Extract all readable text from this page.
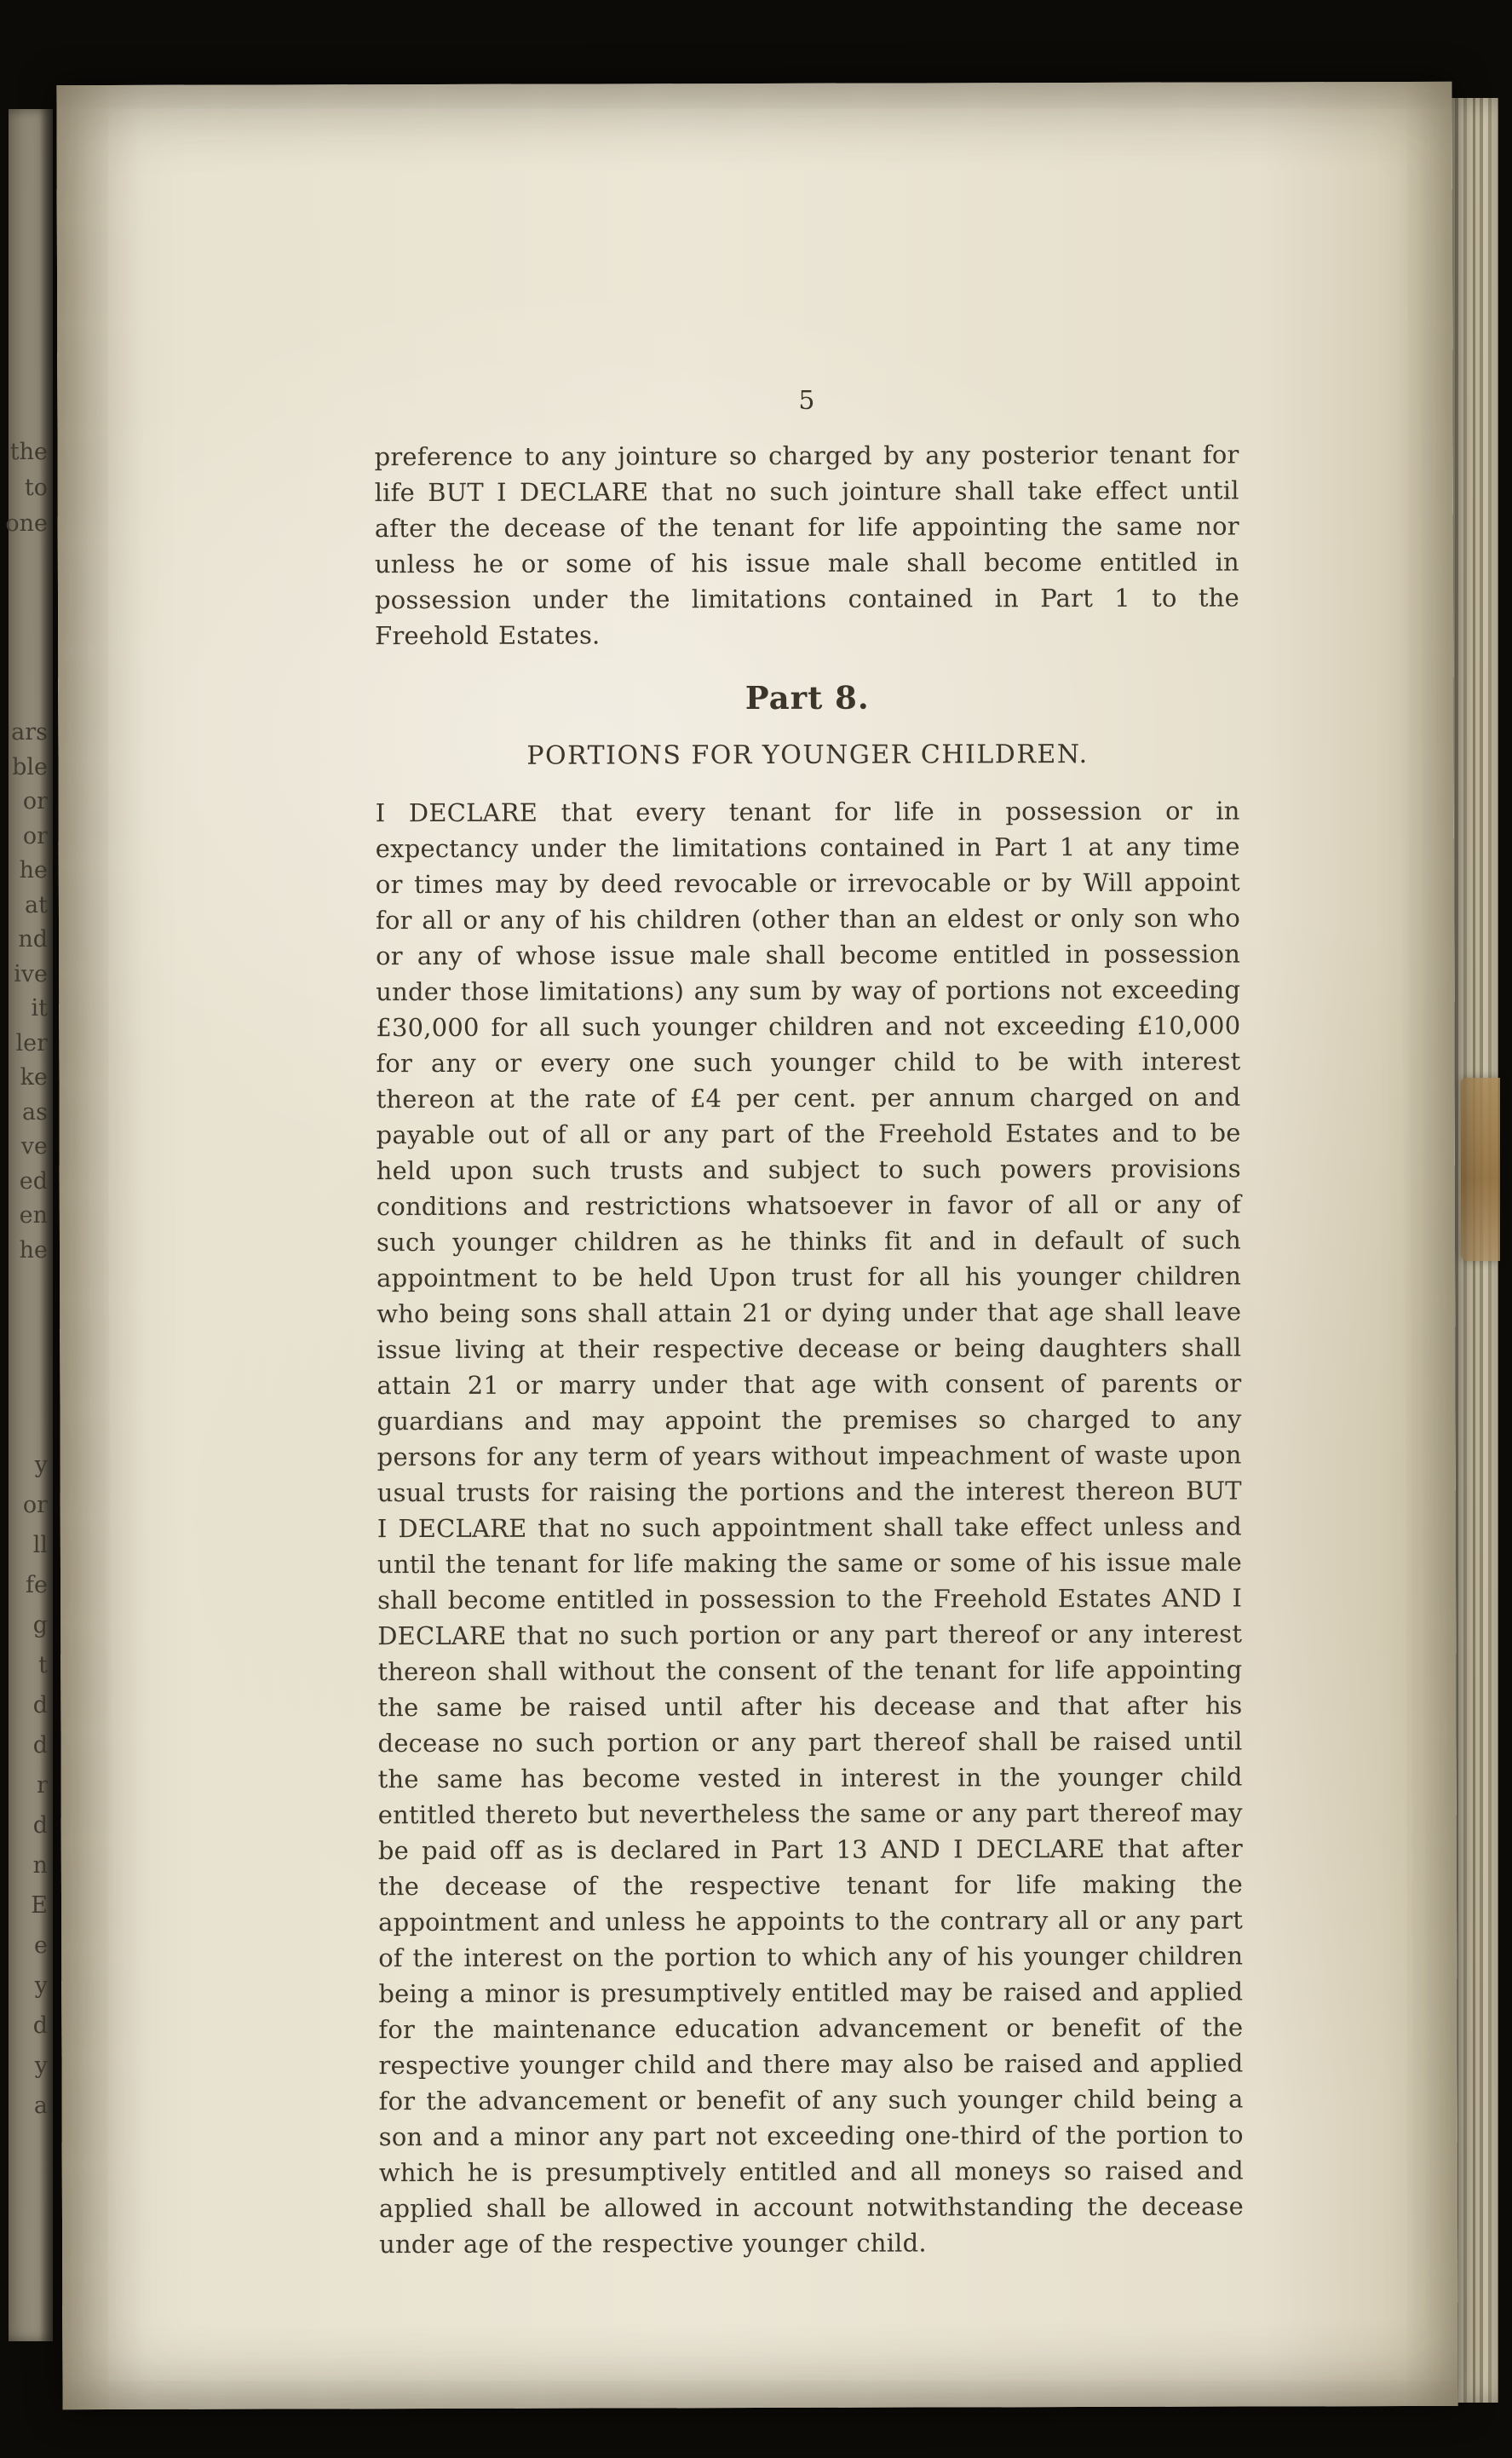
the
to
one
ars
ble
or
or
he
at
nd
ive
it
ler
ke
as
ve
ed
en
he
y
or
ll
fe
g
t
d
d
r
d
n
E
e
y
d
y
a
5

preference to any jointure so charged by any posterior tenant for life BUT I DECLARE that no such jointure shall take effect until after the decease of the tenant for life appointing the same nor unless he or some of his issue male shall become entitled in possession under the limitations contained in Part 1 to the Freehold Estates.

Part 8.
PORTIONS FOR YOUNGER CHILDREN.

I DECLARE that every tenant for life in possession or in expectancy under the limitations contained in Part 1 at any time or times may by deed revocable or irrevocable or by Will appoint for all or any of his children (other than an eldest or only son who or any of whose issue male shall become entitled in possession under those limitations) any sum by way of portions not exceeding £30,000 for all such younger children and not exceeding £10,000 for any or every one such younger child to be with interest thereon at the rate of £4 per cent. per annum charged on and payable out of all or any part of the Freehold Estates and to be held upon such trusts and subject to such powers provisions conditions and restrictions whatsoever in favor of all or any of such younger children as he thinks fit and in default of such appointment to be held Upon trust for all his younger children who being sons shall attain 21 or dying under that age shall leave issue living at their respective decease or being daughters shall attain 21 or marry under that age with consent of parents or guardians and may appoint the premises so charged to any persons for any term of years without impeachment of waste upon usual trusts for raising the portions and the interest thereon BUT I DECLARE that no such appointment shall take effect unless and until the tenant for life making the same or some of his issue male shall become entitled in possession to the Freehold Estates AND I DECLARE that no such portion or any part thereof or any interest thereon shall without the consent of the tenant for life appointing the same be raised until after his decease and that after his decease no such portion or any part thereof shall be raised until the same has become vested in interest in the younger child entitled thereto but nevertheless the same or any part thereof may be paid off as is declared in Part 13 AND I DECLARE that after the decease of the respective tenant for life making the appointment and unless he appoints to the contrary all or any part of the interest on the portion to which any of his younger children being a minor is presumptively entitled may be raised and applied for the maintenance education advancement or benefit of the respective younger child and there may also be raised and applied for the advancement or benefit of any such younger child being a son and a minor any part not exceeding one-third of the portion to which he is presumptively entitled and all moneys so raised and applied shall be allowed in account notwithstanding the decease under age of the respective younger child.
